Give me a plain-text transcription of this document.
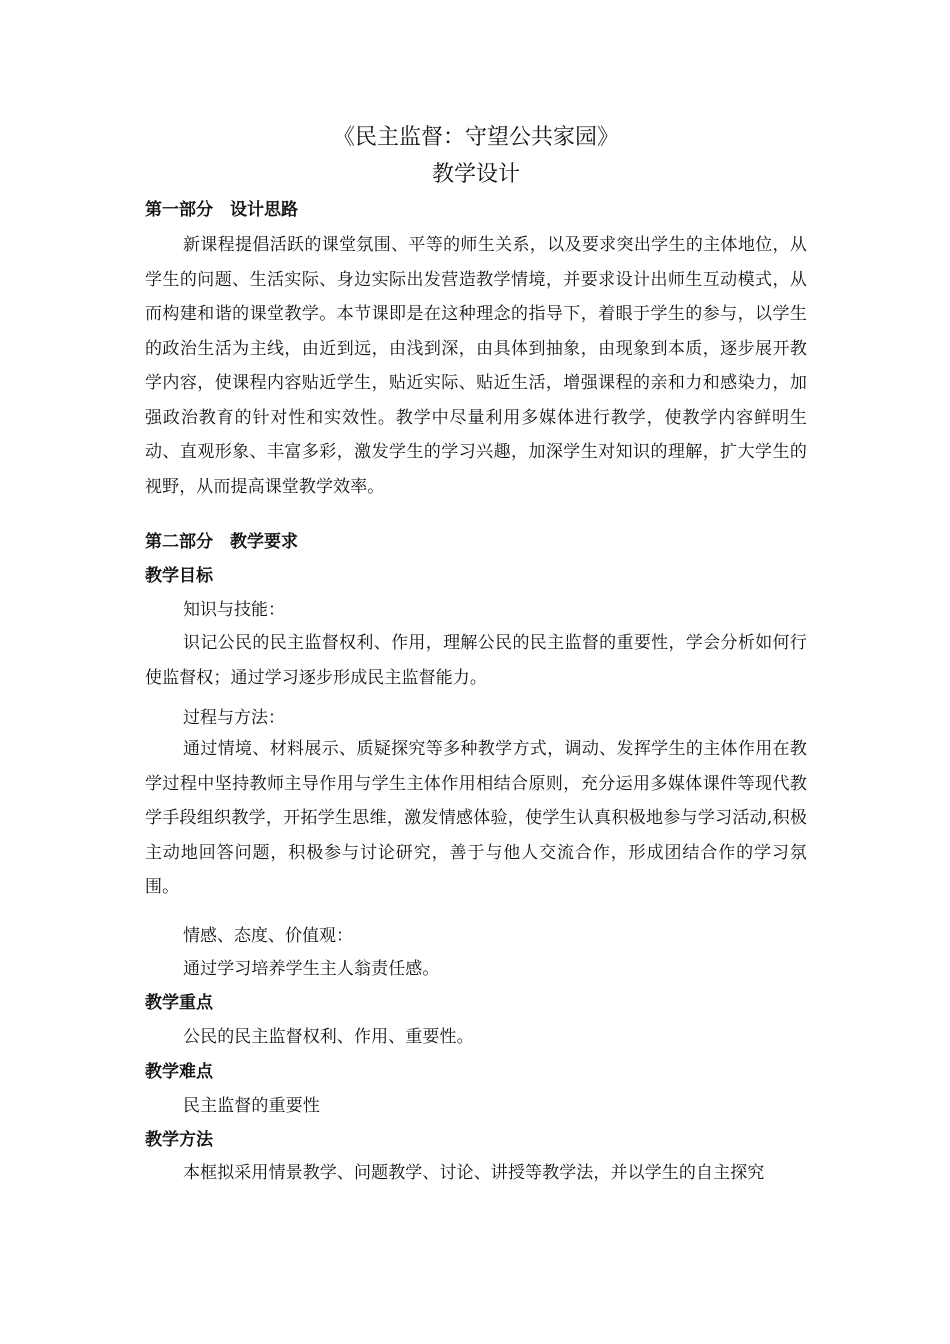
《民主监督：守望公共家园》
教学设计
第一部分　设计思路
新课程提倡活跃的课堂氛围、平等的师生关系，以及要求突出学生的主体地位，从学生的问题、生活实际、身边实际出发营造教学情境，并要求设计出师生互动模式，从而构建和谐的课堂教学。本节课即是在这种理念的指导下，着眼于学生的参与，以学生的政治生活为主线，由近到远，由浅到深，由具体到抽象，由现象到本质，逐步展开教学内容，使课程内容贴近学生，贴近实际、贴近生活，增强课程的亲和力和感染力，加强政治教育的针对性和实效性。教学中尽量利用多媒体进行教学，使教学内容鲜明生动、直观形象、丰富多彩，激发学生的学习兴趣，加深学生对知识的理解，扩大学生的视野，从而提高课堂教学效率。
第二部分　教学要求
教学目标
知识与技能：
识记公民的民主监督权利、作用，理解公民的民主监督的重要性，学会分析如何行使监督权；通过学习逐步形成民主监督能力。
过程与方法：
通过情境、材料展示、质疑探究等多种教学方式，调动、发挥学生的主体作用在教学过程中坚持教师主导作用与学生主体作用相结合原则，充分运用多媒体课件等现代教学手段组织教学，开拓学生思维，激发情感体验，使学生认真积极地参与学习活动,积极主动地回答问题，积极参与讨论研究，善于与他人交流合作，形成团结合作的学习氛围。
情感、态度、价值观：
通过学习培养学生主人翁责任感。
教学重点
公民的民主监督权利、作用、重要性。
教学难点
民主监督的重要性
教学方法
本框拟采用情景教学、问题教学、讨论、讲授等教学法，并以学生的自主探究
